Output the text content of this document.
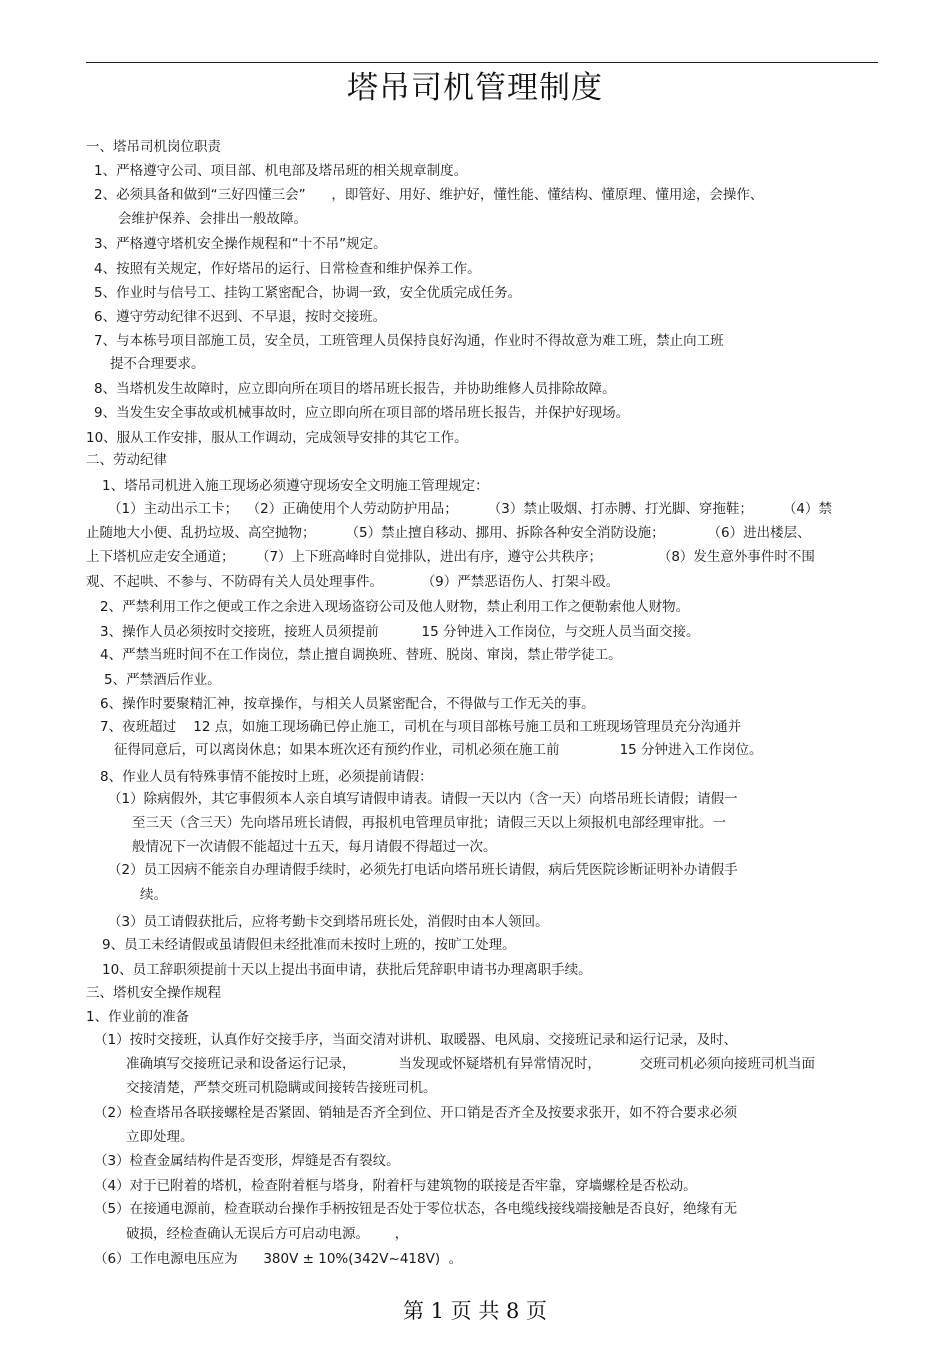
塔吊司机管理制度
一、塔吊司机岗位职责
1、严格遵守公司、项目部、机电部及塔吊班的相关规章制度。
2、必须具备和做到“三好四懂三会”      ，即管好、用好、维护好，懂性能、懂结构、懂原理、懂用途，会操作、
会维护保养、会排出一般故障。
3、严格遵守塔机安全操作规程和“十不吊”规定。
4、按照有关规定，作好塔吊的运行、日常检查和维护保养工作。
5、作业时与信号工、挂钩工紧密配合，协调一致，安全优质完成任务。
6、遵守劳动纪律不迟到、不早退，按时交接班。
7、与本栋号项目部施工员，安全员，工班管理人员保持良好沟通，作业时不得故意为难工班，禁止向工班
提不合理要求。
8、当塔机发生故障时，应立即向所在项目的塔吊班长报告，并协助维修人员排除故障。
9、当发生安全事故或机械事故时，应立即向所在项目部的塔吊班长报告，并保护好现场。
10、服从工作安排，服从工作调动，完成领导安排的其它工作。
二、劳动纪律
1、塔吊司机进入施工现场必须遵守现场安全文明施工管理规定：
（1）主动出示工卡；  （2）正确使用个人劳动防护用品；       （3）禁止吸烟、打赤膊、打光脚、穿拖鞋；       （4）禁
止随地大小便、乱扔垃圾、高空抛物；       （5）禁止擅自移动、挪用、拆除各种安全消防设施；          （6）进出楼层、
上下塔机应走安全通道；     （7）上下班高峰时自觉排队，进出有序，遵守公共秩序；             （8）发生意外事件时不围
观、不起哄、不参与、不防碍有关人员处理事件。         （9）严禁恶语伤人、打架斗殴。
2、严禁利用工作之便或工作之余进入现场盗窃公司及他人财物，禁止利用工作之便勒索他人财物。
3、操作人员必须按时交接班，接班人员须提前          15 分钟进入工作岗位，与交班人员当面交接。
4、严禁当班时间不在工作岗位，禁止擅自调换班、替班、脱岗、窜岗，禁止带学徒工。
5、严禁酒后作业。
6、操作时要聚精汇神，按章操作，与相关人员紧密配合，不得做与工作无关的事。
7、夜班超过    12 点，如施工现场确已停止施工，司机在与项目部栋号施工员和工班现场管理员充分沟通并
征得同意后，可以离岗休息；如果本班次还有预约作业，司机必须在施工前              15 分钟进入工作岗位。
8、作业人员有特殊事情不能按时上班，必须提前请假：
（1）除病假外，其它事假须本人亲自填写请假申请表。请假一天以内（含一天）向塔吊班长请假；请假一
至三天（含三天）先向塔吊班长请假，再报机电管理员审批；请假三天以上须报机电部经理审批。一
般情况下一次请假不能超过十五天，每月请假不得超过一次。
（2）员工因病不能亲自办理请假手续时，必须先打电话向塔吊班长请假，病后凭医院诊断证明补办请假手
续。
（3）员工请假获批后，应将考勤卡交到塔吊班长处，消假时由本人领回。
9、员工未经请假或虽请假但未经批准而未按时上班的，按旷工处理。
10、员工辞职须提前十天以上提出书面申请，获批后凭辞职申请书办理离职手续。
三、塔机安全操作规程
1、作业前的准备
（1）按时交接班，认真作好交接手序，当面交清对讲机、取暖器、电风扇、交接班记录和运行记录，及时、
准确填写交接班记录和设备运行记录，          当发现或怀疑塔机有异常情况时，         交班司机必须向接班司机当面
交接清楚，严禁交班司机隐瞒或间接转告接班司机。
（2）检查塔吊各联接螺栓是否紧固、销轴是否齐全到位、开口销是否齐全及按要求张开，如不符合要求必须
立即处理。
（3）检查金属结构件是否变形，焊缝是否有裂纹。
（4）对于已附着的塔机，检查附着框与塔身，附着杆与建筑物的联接是否牢靠，穿墙螺栓是否松动。
（5）在接通电源前，检查联动台操作手柄按钮是否处于零位状态，各电缆线接线端接触是否良好，绝缘有无
破损，经检查确认无误后方可启动电源。      ，
（6）工作电源电压应为      380V ± 10%(342V~418V)  。
第 1 页 共 8 页
